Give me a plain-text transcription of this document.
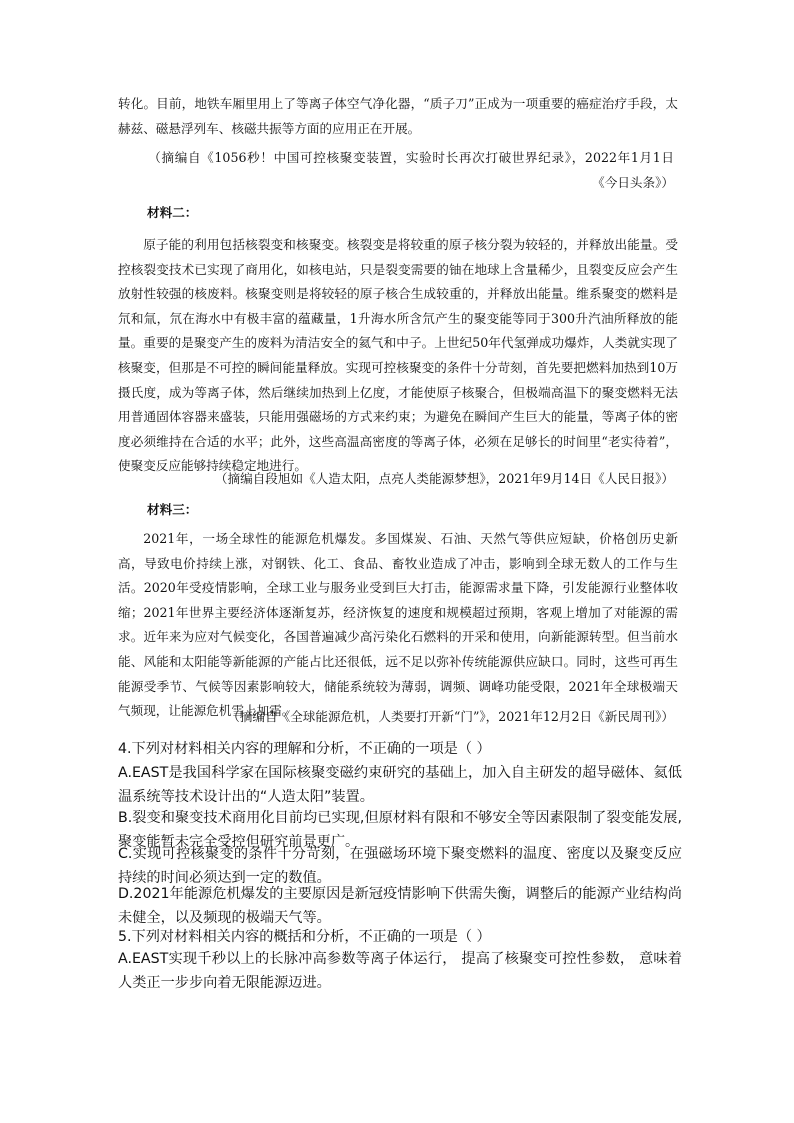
转化。目前，地铁车厢里用上了等离子体空气净化器，“质子刀”正成为一项重要的癌症治疗手段，太赫兹、磁悬浮列车、核磁共振等方面的应用正在开展。

（摘编自《1056秒！中国可控核聚变装置，实验时长再次打破世界纪录》，2022年1月1日《今日头条》）

材料二：

原子能的利用包括核裂变和核聚变。核裂变是将较重的原子核分裂为较轻的，并释放出能量。受控核裂变技术已实现了商用化，如核电站，只是裂变需要的铀在地球上含量稀少，且裂变反应会产生放射性较强的核废料。核聚变则是将较轻的原子核合生成较重的，并释放出能量。维系聚变的燃料是氘和氚，氘在海水中有极丰富的蕴藏量，1升海水所含氘产生的聚变能等同于300升汽油所释放的能量。重要的是聚变产生的废料为清洁安全的氦气和中子。上世纪50年代氢弹成功爆炸，人类就实现了核聚变，但那是不可控的瞬间能量释放。实现可控核聚变的条件十分苛刻，首先要把燃料加热到10万摄氏度，成为等离子体，然后继续加热到上亿度，才能使原子核聚合，但极端高温下的聚变燃料无法用普通固体容器来盛装，只能用强磁场的方式来约束；为避免在瞬间产生巨大的能量，等离子体的密度必须维持在合适的水平；此外，这些高温高密度的等离子体，必须在足够长的时间里“老实待着”，使聚变反应能够持续稳定地进行。

（摘编自段旭如《人造太阳，点亮人类能源梦想》，2021年9月14日《人民日报》）

材料三：

2021年，一场全球性的能源危机爆发。多国煤炭、石油、天然气等供应短缺，价格创历史新高，导致电价持续上涨，对钢铁、化工、食品、畜牧业造成了冲击，影响到全球无数人的工作与生活。2020年受疫情影响，全球工业与服务业受到巨大打击，能源需求量下降，引发能源行业整体收缩；2021年世界主要经济体逐渐复苏，经济恢复的速度和规模超过预期，客观上增加了对能源的需求。近年来为应对气候变化，各国普遍减少高污染化石燃料的开采和使用，向新能源转型。但当前水能、风能和太阳能等新能源的产能占比还很低，远不足以弥补传统能源供应缺口。同时，这些可再生能源受季节、气候等因素影响较大，储能系统较为薄弱，调频、调峰功能受限，2021年全球极端天气频现，让能源危机雪上加霜。

（摘编自《全球能源危机，人类要打开新“门”》，2021年12月2日《新民周刊》）

4.下列对材料相关内容的理解和分析，不正确的一项是（ ）

A.EAST是我国科学家在国际核聚变磁约束研究的基础上，加入自主研发的超导磁体、氦低温系统等技术设计出的“人造太阳”装置。

B.裂变和聚变技术商用化目前均已实现,但原材料有限和不够安全等因素限制了裂变能发展,聚变能暂未完全受控但研究前景更广。

C.实现可控核聚变的条件十分苛刻，在强磁场环境下聚变燃料的温度、密度以及聚变反应持续的时间必须达到一定的数值。

D.2021年能源危机爆发的主要原因是新冠疫情影响下供需失衡，调整后的能源产业结构尚未健全，以及频现的极端天气等。

5.下列对材料相关内容的概括和分析，不正确的一项是（ ）

A.EAST实现千秒以上的长脉冲高参数等离子体运行， 提高了核聚变可控性参数， 意味着人类正一步步向着无限能源迈进。
